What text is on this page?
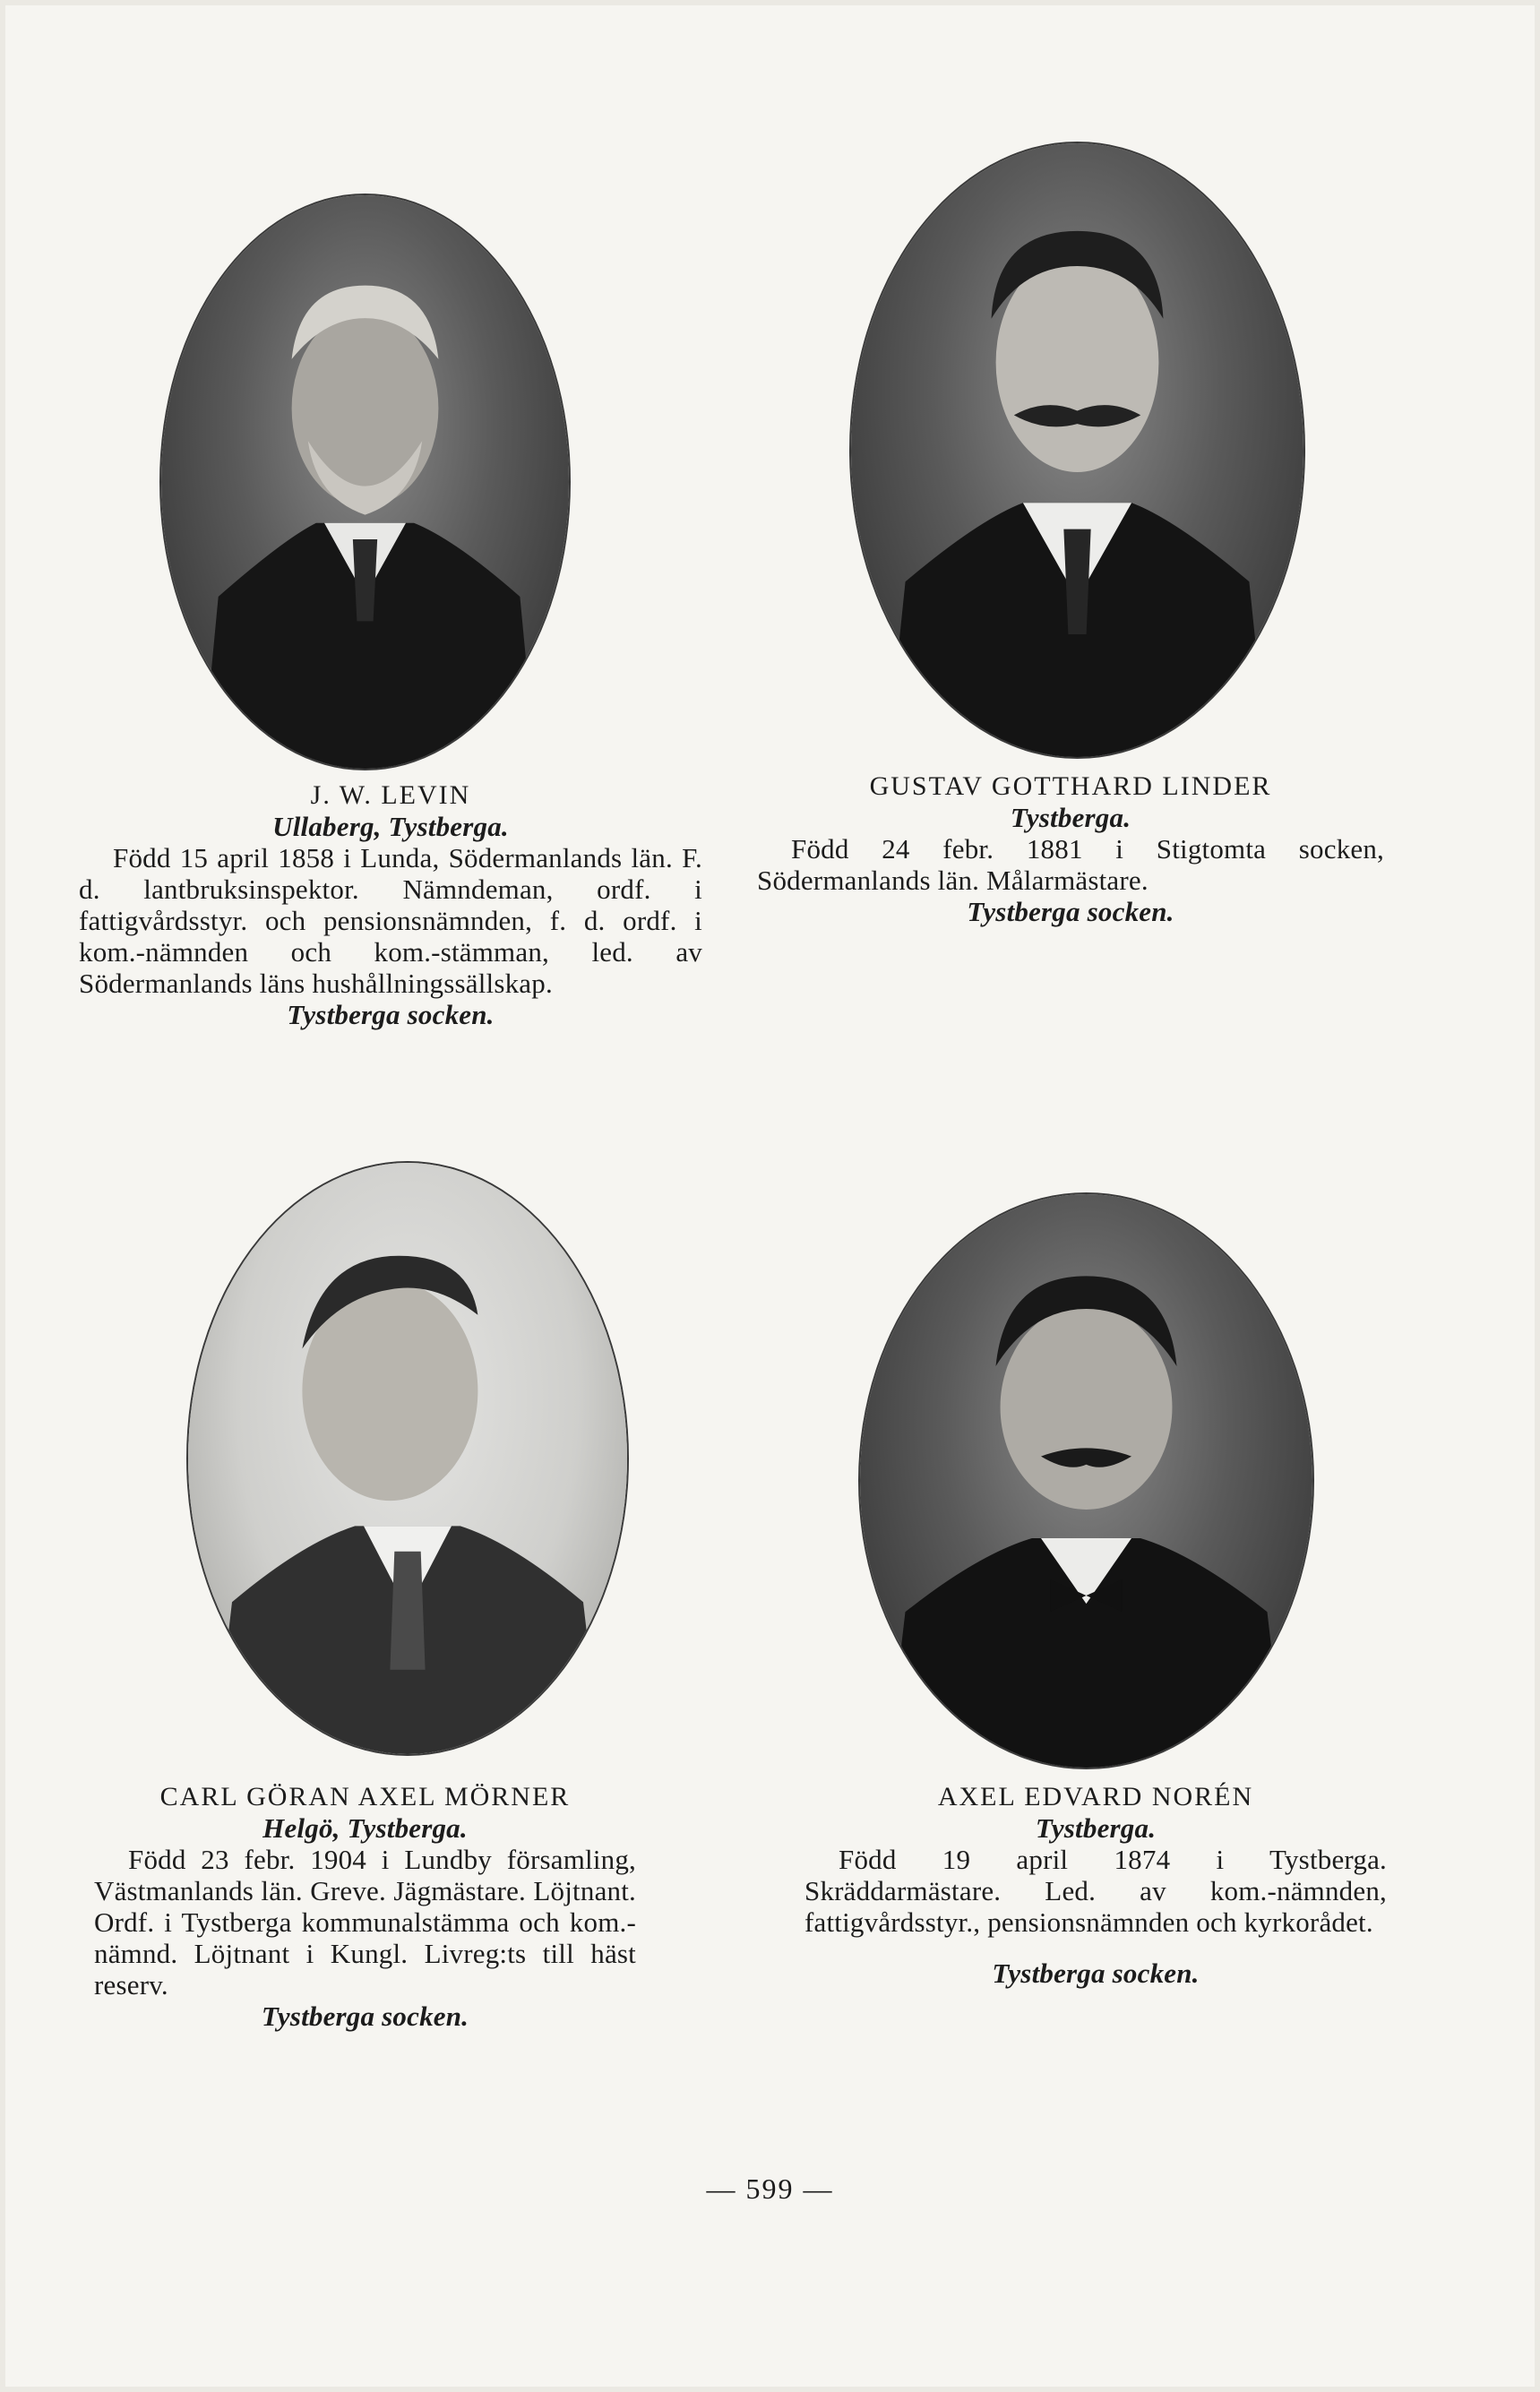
J. W. LEVIN
Ullaberg, Tystberga.
Född 15 april 1858 i Lunda, Södermanlands län. F. d. lantbruksinspektor. Nämndeman, ordf. i fattigvårdsstyr. och pensionsnämnden, f. d. ordf. i kom.-nämnden och kom.-stämman, led. av Södermanlands läns hushållningssällskap.
Tystberga socken.
GUSTAV GOTTHARD LINDER
Tystberga.
Född 24 febr. 1881 i Stigtomta socken, Södermanlands län. Målarmästare.
Tystberga socken.
CARL GÖRAN AXEL MÖRNER
Helgö, Tystberga.
Född 23 febr. 1904 i Lundby församling, Västmanlands län. Greve. Jägmästare. Löjtnant. Ordf. i Tystberga kommunalstämma och kom.-nämnd. Löjtnant i Kungl. Livreg:ts till häst reserv.
Tystberga socken.
AXEL EDVARD NORÉN
Tystberga.
Född 19 april 1874 i Tystberga. Skräddarmästare. Led. av kom.-nämnden, fattigvårdsstyr., pensionsnämnden och kyrkorådet.
Tystberga socken.
— 599 —
